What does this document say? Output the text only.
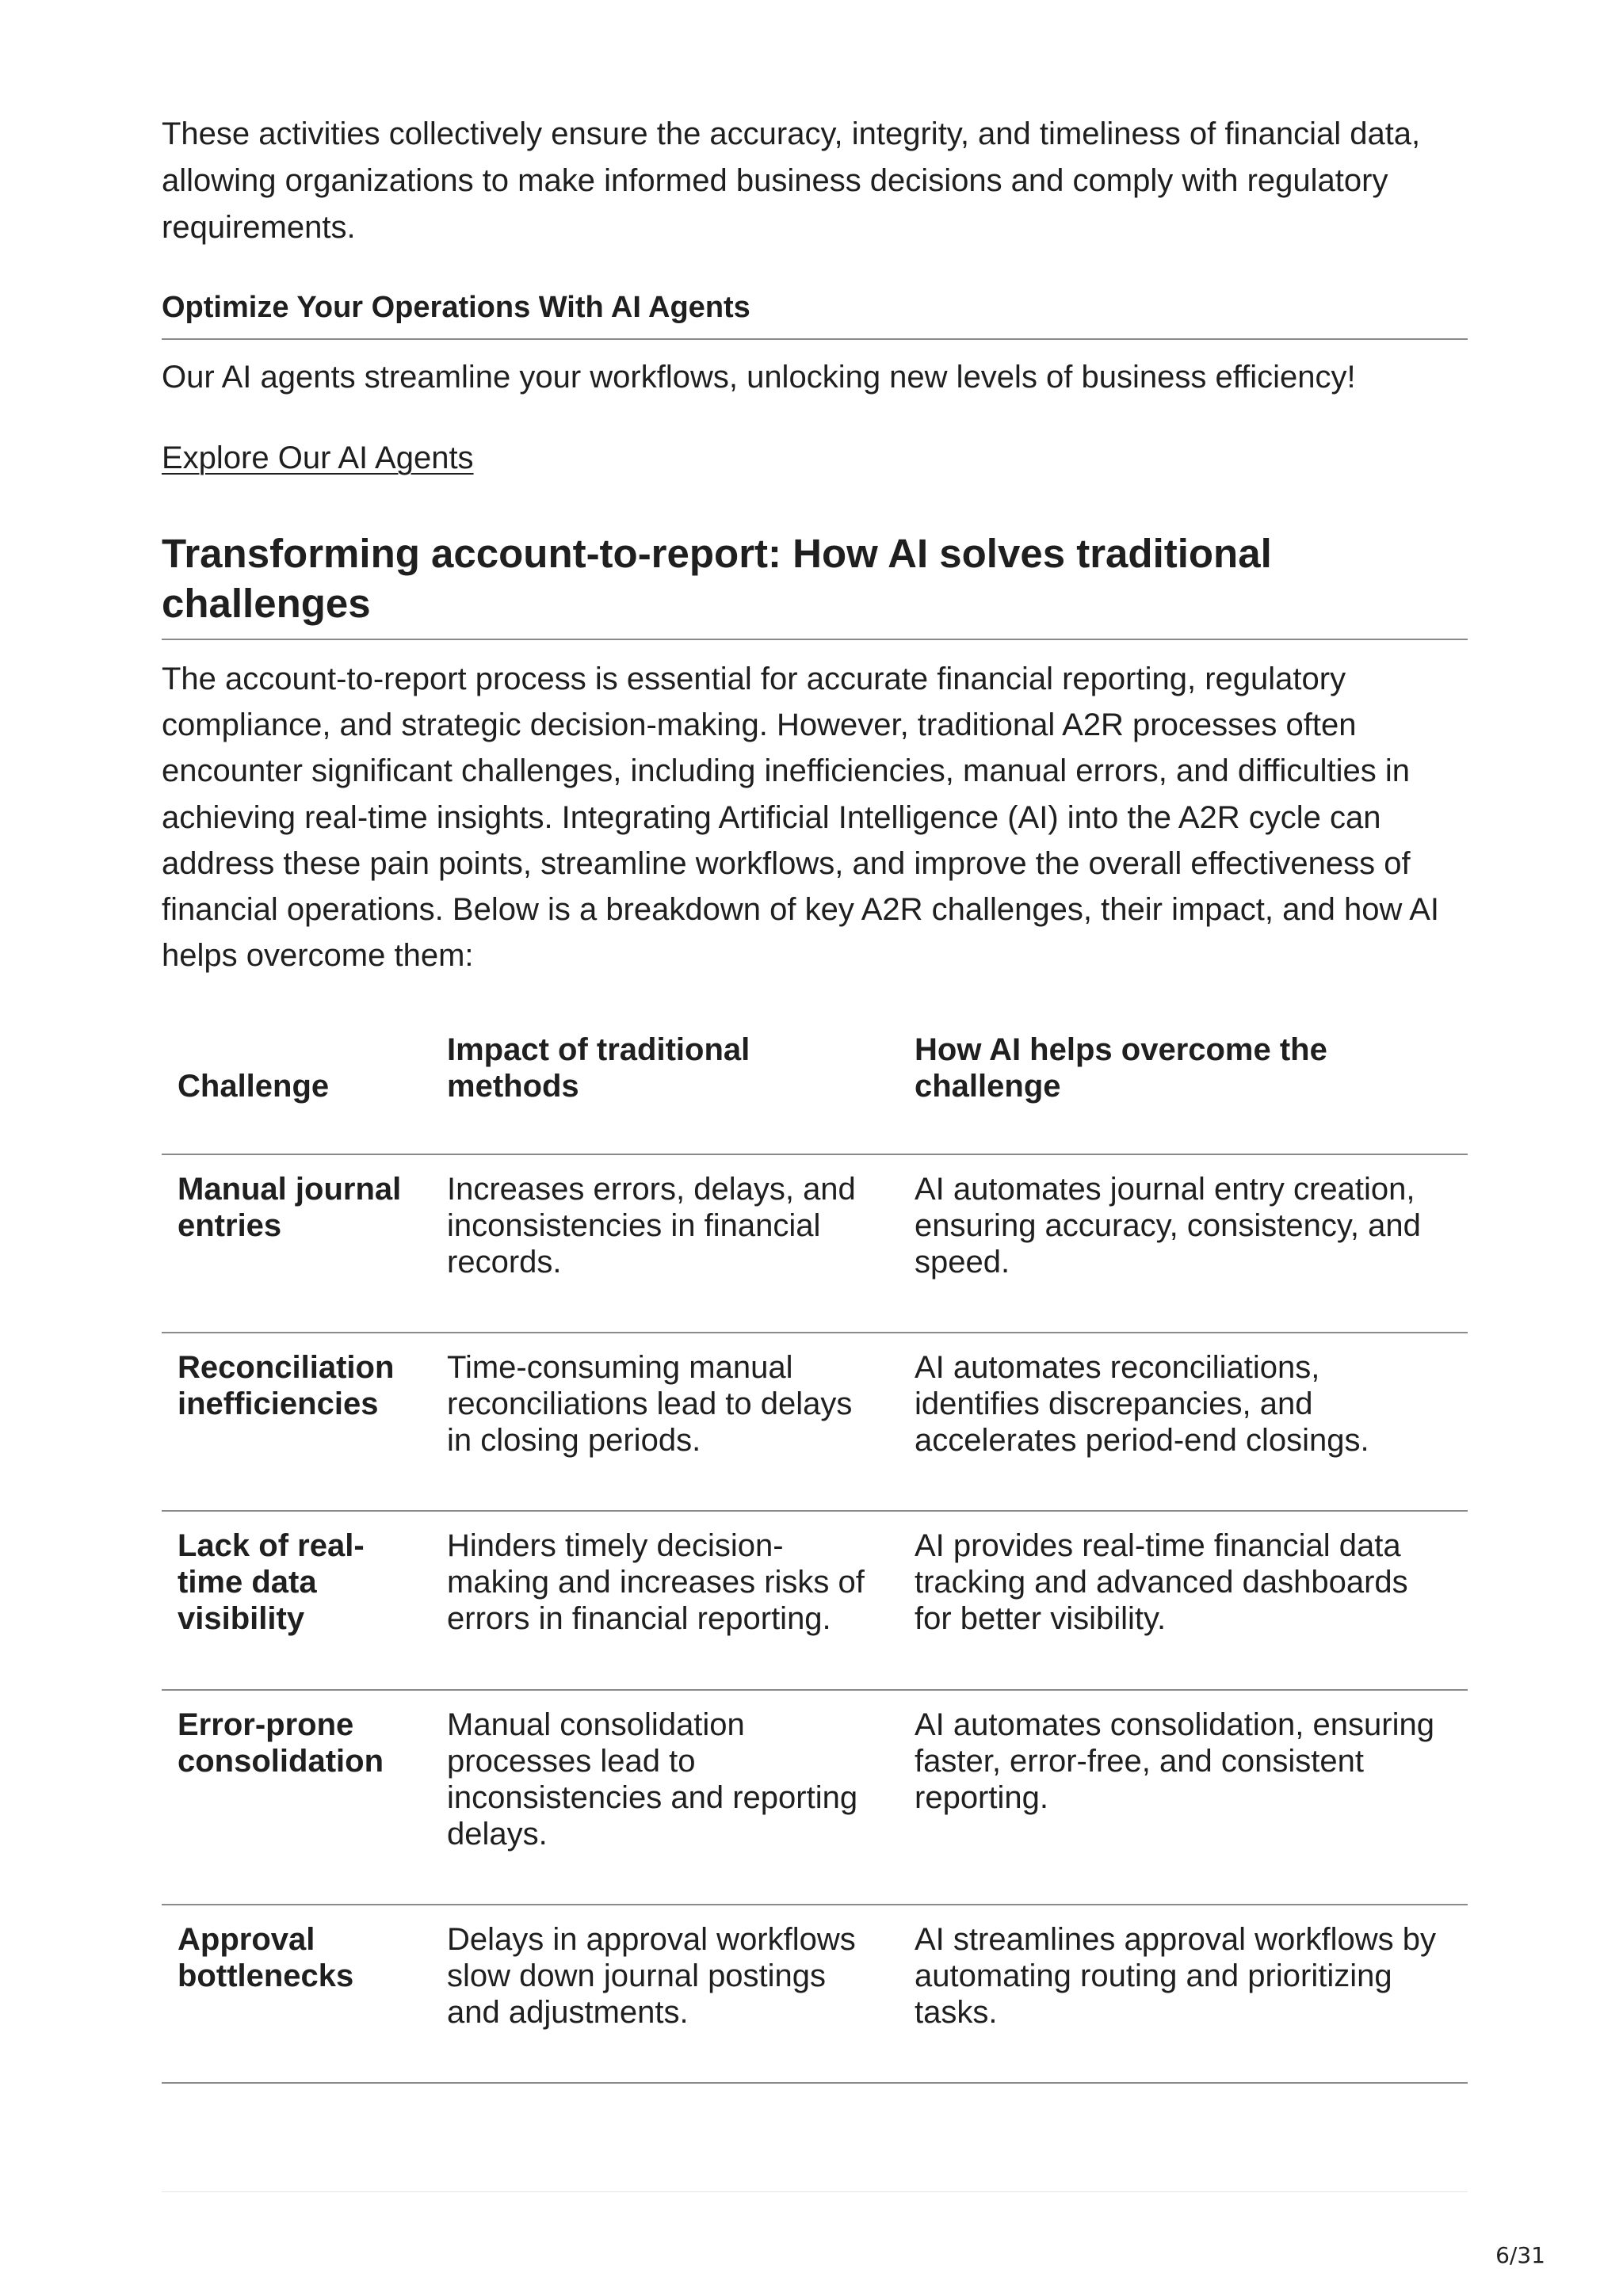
These activities collectively ensure the accuracy, integrity, and timeliness of financial data, allowing organizations to make informed business decisions and comply with regulatory requirements.

Optimize Your Operations With AI Agents

Our AI agents streamline your workflows, unlocking new levels of business efficiency!

Explore Our AI Agents
Transforming account-to-report: How AI solves traditional challenges

The account-to-report process is essential for accurate financial reporting, regulatory compliance, and strategic decision-making. However, traditional A2R processes often encounter significant challenges, including inefficiencies, manual errors, and difficulties in achieving real-time insights. Integrating Artificial Intelligence (AI) into the A2R cycle can address these pain points, streamline workflows, and improve the overall effectiveness of financial operations. Below is a breakdown of key A2R challenges, their impact, and how AI helps overcome them:

Challenge	Impact of traditional methods	How AI helps overcome the challenge
Manual journal entries	Increases errors, delays, and inconsistencies in financial records.	AI automates journal entry creation, ensuring accuracy, consistency, and speed.
Reconciliation inefficiencies	Time-consuming manual reconciliations lead to delays in closing periods.	AI automates reconciliations, identifies discrepancies, and accelerates period-end closings.
Lack of real-time data visibility	Hinders timely decision-making and increases risks of errors in financial reporting.	AI provides real-time financial data tracking and advanced dashboards for better visibility.
Error-prone consolidation	Manual consolidation processes lead to inconsistencies and reporting delays.	AI automates consolidation, ensuring faster, error-free, and consistent reporting.
Approval bottlenecks	Delays in approval workflows slow down journal postings and adjustments.	AI streamlines approval workflows by automating routing and prioritizing tasks.
6/31
